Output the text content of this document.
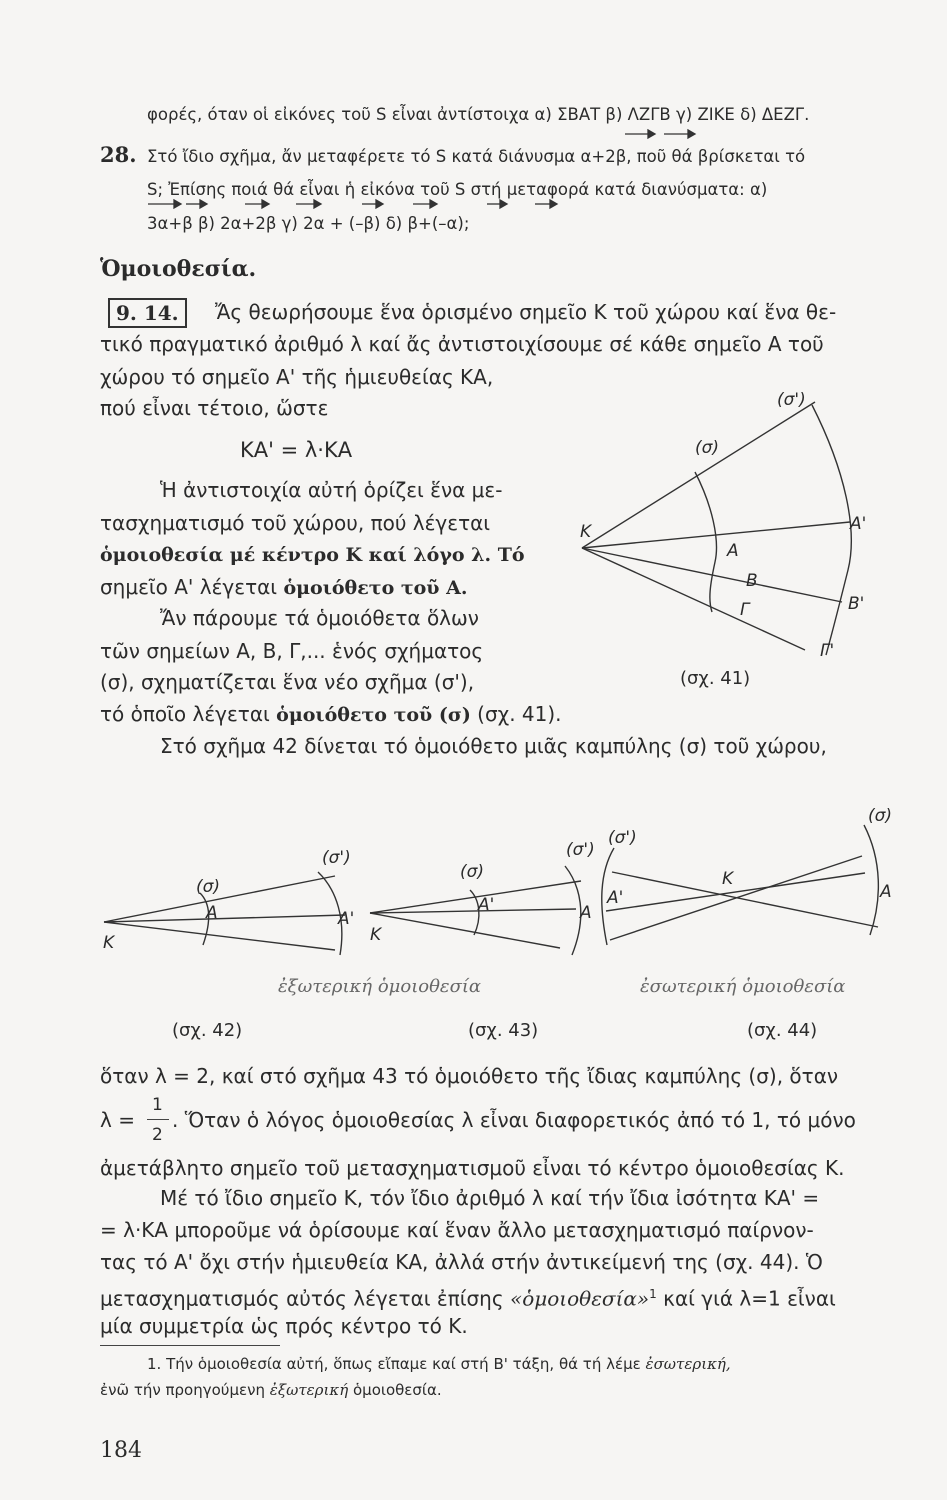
φορές, όταν οἱ εἰκόνες τοῦ S εἶναι ἀντίστοιχα α) ΣΒΑΤ β) ΛΖΓΒ γ) ΖΙΚΕ δ) ΔΕΖΓ.
28. Στό ἴδιο σχῆμα, ἄν μεταφέρετε τό S κατά διάνυσμα α+2β, ποῦ θά βρίσκεται τό
S; Ἐπίσης ποιά θά εἶναι ἡ εἰκόνα τοῦ S στή μεταφορά κατά διανύσματα: α)
3α+β β) 2α+2β γ) 2α + (–β) δ) β+(–α);
Ὁμοιοθεσία.
9. 14.	Ἄς θεωρήσουμε ἕνα ὁρισμένο σημεῖο Κ τοῦ χώρου καί ἕνα θε-
τικό πραγματικό ἀριθμό λ καί ἄς ἀντιστοιχίσουμε σέ κάθε σημεῖο Α τοῦ
χώρου τό σημεῖο Α' τῆς ἡμιευθείας ΚΑ,
πού εἶναι τέτοιο, ὥστε
ΚΑ' = λ·ΚΑ
Ἡ ἀντιστοιχία αὐτή ὁρίζει ἕνα με-
τασχηματισμό τοῦ χώρου, πού λέγεται
ὁμοιοθεσία μέ κέντρο Κ καί λόγο λ. Τό
σημεῖο Α' λέγεται ὁμοιόθετο τοῦ Α.
Ἄν πάρουμε τά ὁμοιόθετα ὅλων
τῶν σημείων Α, Β, Γ,... ἑνός σχήματος
(σ), σχηματίζεται ἕνα νέο σχῆμα (σ'),
τό ὁποῖο λέγεται ὁμοιόθετο τοῦ (σ) (σχ. 41).
Στό σχῆμα 42 δίνεται τό ὁμοιόθετο μιᾶς καμπύλης (σ) τοῦ χώρου,
(σ')
(σ)
Κ	Α'
Α
Β
Β'
Γ
Γ'
(σχ. 41)
(σ')
(σ)
Α	Α'
Κ
(σ)
Α'	Α
Κ
(σ')
(σ')
(σ)
Α'
Κ
Α
ἐξωτερική ὁμοιοθεσία	ἐσωτερική ὁμοιοθεσία
(σχ. 42)	(σχ. 43)	(σχ. 44)
ὅταν λ = 2, καί στό σχῆμα 43 τό ὁμοιόθετο τῆς ἴδιας καμπύλης (σ), ὅταν
λ =
1
2
. Ὅταν ὁ λόγος ὁμοιοθεσίας λ εἶναι διαφορετικός ἀπό τό 1, τό μόνο
ἀμετάβλητο σημεῖο τοῦ μετασχηματισμοῦ εἶναι τό κέντρο ὁμοιοθεσίας Κ.
Μέ τό ἴδιο σημεῖο Κ, τόν ἴδιο ἀριθμό λ καί τήν ἴδια ἰσότητα ΚΑ' =
= λ·ΚΑ μποροῦμε νά ὁρίσουμε καί ἕναν ἄλλο μετασχηματισμό παίρνον-
τας τό Α' ὄχι στήν ἡμιευθεία ΚΑ, ἀλλά στήν ἀντικείμενή της (σχ. 44). Ὁ
μετασχηματισμός αὐτός λέγεται ἐπίσης «ὁμοιοθεσία»$^1$ καί γιά λ=1 εἶναι
μία συμμετρία ὡς πρός κέντρο τό Κ.
1. Τήν ὁμοιοθεσία αὐτή, ὅπως εἴπαμε καί στή Β' τάξη, θά τή λέμε ἐσωτερική,
ἐνῶ τήν προηγούμενη ἐξωτερική ὁμοιοθεσία.
184
